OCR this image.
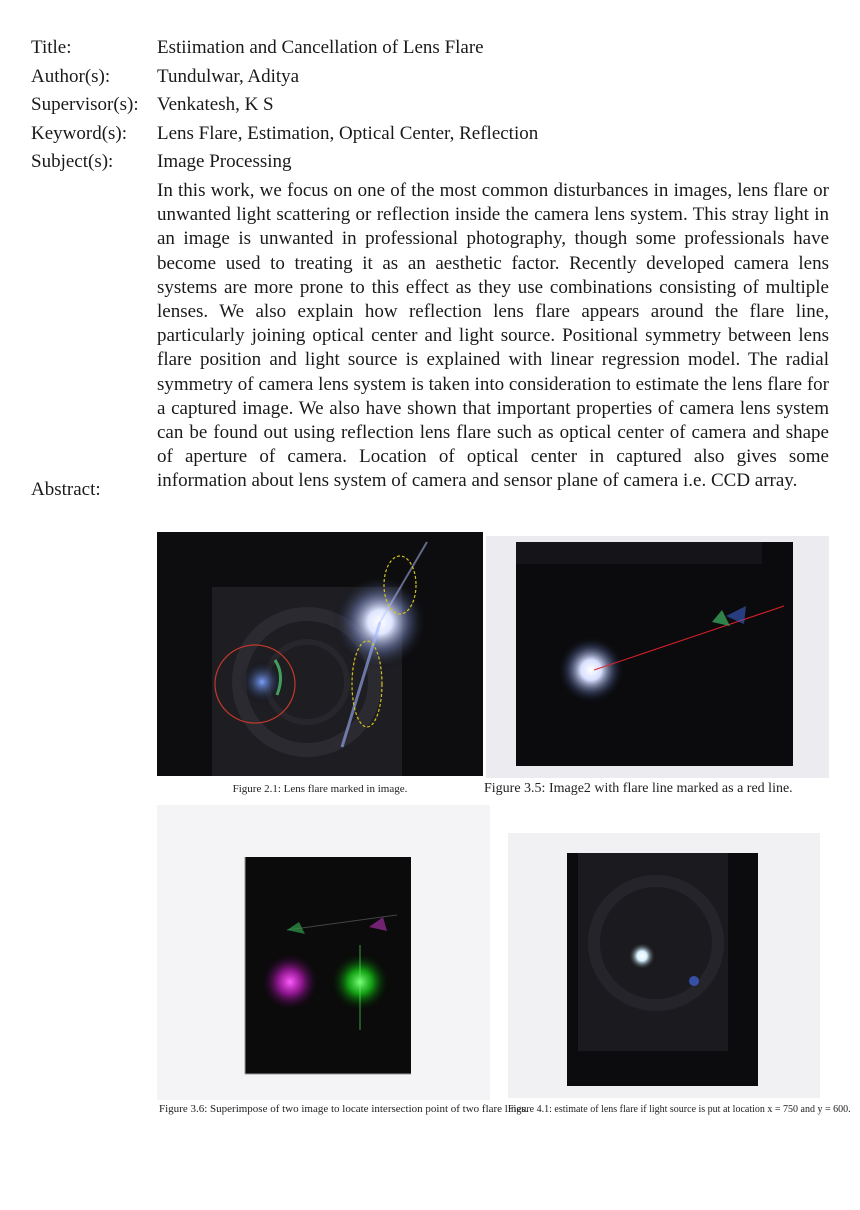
Title:	Estiimation and Cancellation of Lens Flare
Author(s): Tundulwar, Aditya
Supervisor(s): Venkatesh, K S
Keyword(s): Lens Flare, Estimation, Optical Center, Reflection
Subject(s): Image Processing
Abstract:
In this work, we focus on one of the most common disturbances in images, lens flare or unwanted light scattering or reflection inside the camera lens system. This stray light in an image is unwanted in professional photography, though some professionals have become used to treating it as an aesthetic factor. Recently developed camera lens systems are more prone to this effect as they use combinations consisting of multiple lenses. We also explain how reflection lens flare appears around the flare line, particularly joining optical center and light source. Positional symmetry between lens flare position and light source is explained with linear regression model. The radial symmetry of camera lens system is taken into consideration to estimate the lens flare for a captured image. We also have shown that important properties of camera lens system can be found out using reflection lens flare such as optical center of camera and shape of aperture of camera. Location of optical center in captured also gives some information about lens system of camera and sensor plane of camera i.e. CCD array.
Figure 2.1: Lens flare marked in image.	Figure 3.5: Image2 with flare line marked as a red line.
Figure 3.6: Superimpose of two image to locate intersection point of two flare lines.
Figure 4.1: estimate of lens flare if light source is put at location x = 750 and y = 600.
